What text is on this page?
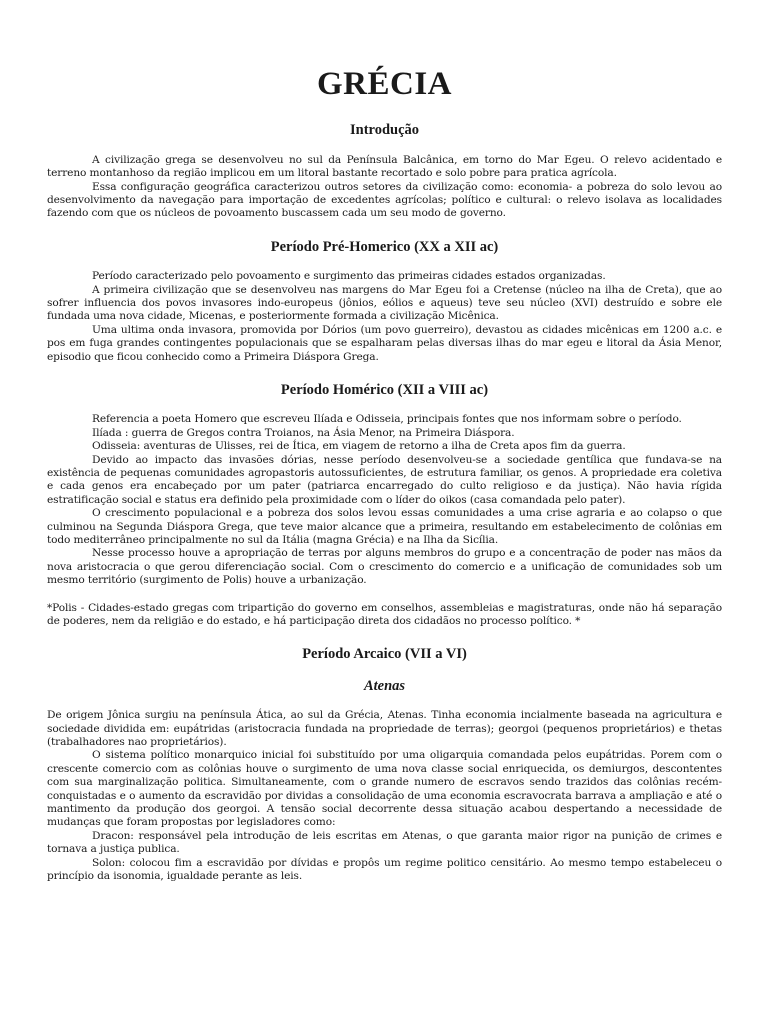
GRÉCIA
Introdução

A civilização grega se desenvolveu no sul da Península Balcânica, em torno do Mar Egeu. O relevo acidentado e terreno montanhoso da região implicou em um litoral bastante recortado e solo pobre para pratica agrícola.

Essa configuração geográfica caracterizou outros setores da civilização como: economia- a pobreza do solo levou ao desenvolvimento da navegação para importação de excedentes agrícolas; político e cultural: o relevo isolava as localidades fazendo com que os núcleos de povoamento buscassem cada um seu modo de governo.

Período Pré-Homerico (XX a XII ac)

Período caracterizado pelo povoamento e surgimento das primeiras cidades estados organizadas.

A primeira civilização que se desenvolveu nas margens do Mar Egeu foi a Cretense (núcleo na ilha de Creta), que ao sofrer influencia dos povos invasores indo-europeus (jônios, eólios e aqueus) teve seu núcleo (XVI) destruído e sobre ele fundada uma nova cidade, Micenas, e posteriormente formada a civilização Micênica.

Uma ultima onda invasora, promovida por Dórios (um povo guerreiro), devastou as cidades micênicas em 1200 a.c. e pos em fuga grandes contingentes populacionais que se espalharam pelas diversas ilhas do mar egeu e litoral da Ásia Menor, episodio que ficou conhecido como a Primeira Diáspora Grega.

Período Homérico (XII a VIII ac)

Referencia a poeta Homero que escreveu Ilíada e Odisseia, principais fontes que nos informam sobre o período.

Ilíada : guerra de Gregos contra Troianos, na Ásia Menor, na Primeira Diáspora.

Odisseia: aventuras de Ulisses, rei de Ítica, em viagem de retorno a ilha de Creta apos fim da guerra.

Devido ao impacto das invasões dórias, nesse período desenvolveu-se a sociedade gentílica que fundava-se na existência de pequenas comunidades agropastoris autossuficientes, de estrutura familiar, os genos. A propriedade era coletiva e cada genos era encabeçado por um pater (patriarca encarregado do culto religioso e da justiça). Não havia rígida estratificação social e status era definido pela proximidade com o líder do oikos (casa comandada pelo pater).

O crescimento populacional e a pobreza dos solos levou essas comunidades a uma crise agraria e ao colapso o que culminou na Segunda Diáspora Grega, que teve maior alcance que a primeira, resultando em estabelecimento de colônias em todo mediterrâneo principalmente no sul da Itália (magna Grécia) e na Ilha da Sicília.

Nesse processo houve a apropriação de terras por alguns membros do grupo e a concentração de poder nas mãos da nova aristocracia o que gerou diferenciação social. Com o crescimento do comercio e a unificação de comunidades sob um mesmo território (surgimento de Polis) houve a urbanização.

*Polis - Cidades-estado gregas com tripartição do governo em conselhos, assembleias e magistraturas, onde não há separação de poderes, nem da religião e do estado, e há participação direta dos cidadãos no processo político. *

Período Arcaico (VII a VI)
Atenas

De origem Jônica surgiu na península Ática, ao sul da Grécia, Atenas. Tinha economia incialmente baseada na agricultura e sociedade dividida em: eupátridas (aristocracia fundada na propriedade de terras); georgoi (pequenos proprietários) e thetas (trabalhadores nao proprietários).

O sistema político monarquico inicial foi substituído por uma oligarquia comandada pelos eupátridas. Porem com o crescente comercio com as colônias houve o surgimento de uma nova classe social enriquecida, os demiurgos, descontentes com sua marginalização politica. Simultaneamente, com o grande numero de escravos sendo trazidos das colônias recém-conquistadas e o aumento da escravidão por dividas a consolidação de uma economia escravocrata barrava a ampliação e até o mantimento da produção dos georgoi. A tensão social decorrente dessa situação acabou despertando a necessidade de mudanças que foram propostas por legisladores como:

Dracon: responsável pela introdução de leis escritas em Atenas, o que garanta maior rigor na punição de crimes e tornava a justiça publica.

Solon: colocou fim a escravidão por dívidas e propôs um regime politico censitário. Ao mesmo tempo estabeleceu o princípio da isonomia, igualdade perante as leis.
